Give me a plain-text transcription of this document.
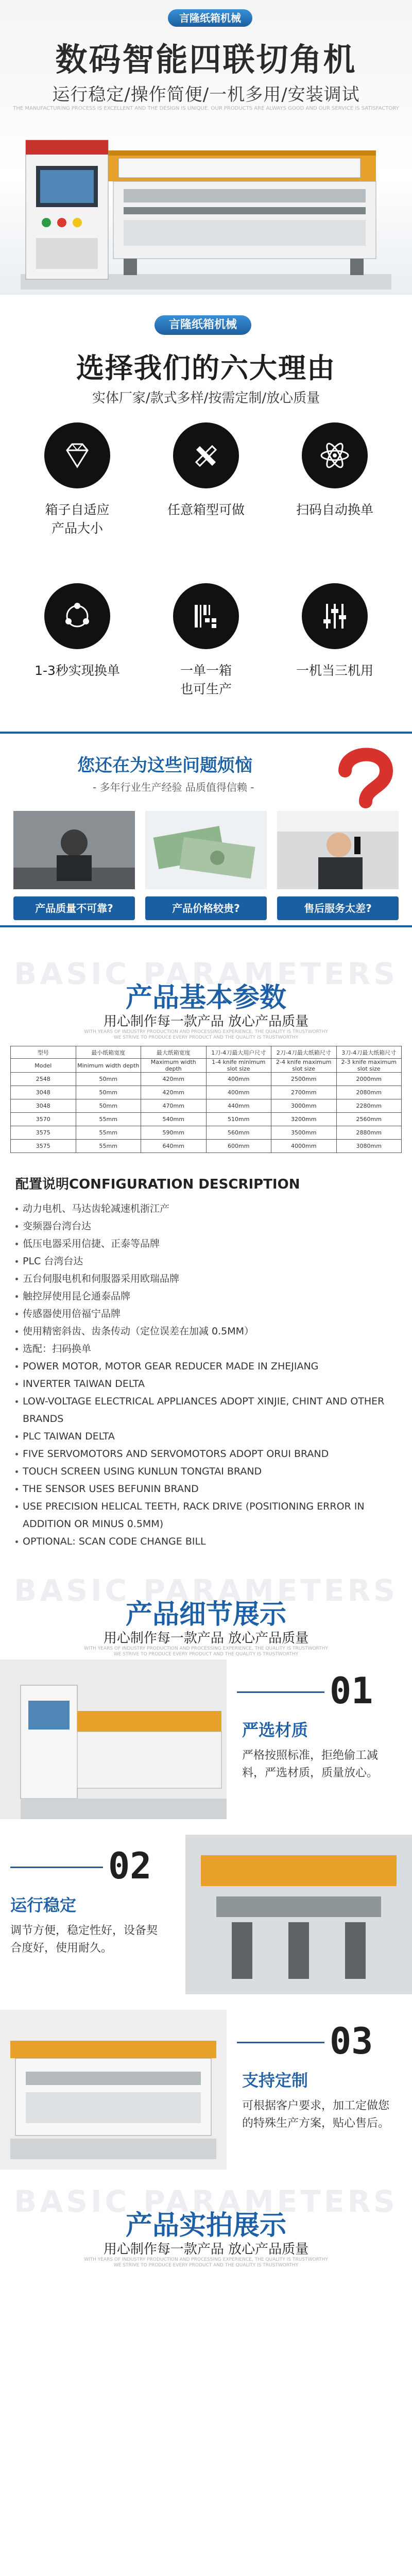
言隆纸箱机械
数码智能四联切角机
运行稳定/操作简便/一机多用/安装调试
THE MANUFACTURING PROCESS IS EXCELLENT AND THE DESIGN IS UNIQUE. OUR PRODUCTS ARE ALWAYS GOOD AND OUR SERVICE IS SATISFACTORY
言隆纸箱机械
选择我们的六大理由
实体厂家/款式多样/按需定制/放心质量
箱子自适应
产品大小
任意箱型可做	扫码自动换单
1-3秒实现换单	一单一箱
也可生产
一机当三机用
您还在为这些问题烦恼
- 多年行业生产经验 品质值得信赖 -
产品质量不可靠?	产品价格较贵?	售后服务太差?
BASIC PARAMETERS
产品基本参数
用心制作每一款产品 放心产品质量
WITH YEARS OF INDUSTRY PRODUCTION AND PROCESSING EXPERIENCE, THE QUALITY IS TRUSTWORTHY
WE STRIVE TO PRODUCE EVERY PRODUCT AND THE QUALITY IS TRUSTWORTHY
型号	最小纸箱宽度	最大纸箱宽度	1刀-4刀最大用户尺寸	2刀-4刀最大纸箱尺寸	3刀-4刀最大纸箱尺寸
Model	Minimum width depth	Maximum width depth	1-4 knife minimum slot size	2-4 knife maximum slot size	2-3 knife maximum slot size
2548	50mm	420mm	400mm	2500mm	2000mm
3048	50mm	420mm	400mm	2700mm	2080mm
3048	50mm	470mm	440mm	3000mm	2280mm
3570	55mm	540mm	510mm	3200mm	2560mm
3575	55mm	590mm	560mm	3500mm	2880mm
3575	55mm	640mm	600mm	4000mm	3080mm
配置说明CONFIGURATION DESCRIPTION
动力电机、马达齿轮减速机浙江产
变频器台湾台达
低压电器采用信捷、正泰等品牌
PLC 台湾台达
五台伺服电机和伺服器采用欧瑞品牌
触控屏使用昆仑通泰品牌
传感器使用倍福宁品牌
使用精密斜齿、齿条传动（定位误差在加减 0.5MM）
选配：扫码换单
POWER MOTOR, MOTOR GEAR REDUCER MADE IN ZHEJIANG
INVERTER TAIWAN DELTA
LOW-VOLTAGE ELECTRICAL APPLIANCES ADOPT XINJIE, CHINT AND OTHER BRANDS
PLC TAIWAN DELTA
FIVE SERVOMOTORS AND SERVOMOTORS ADOPT ORUI BRAND
TOUCH SCREEN USING KUNLUN TONGTAI BRAND
THE SENSOR USES BEFUNIN BRAND
USE PRECISION HELICAL TEETH, RACK DRIVE (POSITIONING ERROR IN ADDITION OR MINUS 0.5MM)
OPTIONAL: SCAN CODE CHANGE BILL
BASIC PARAMETERS
产品细节展示
用心制作每一款产品 放心产品质量
WITH YEARS OF INDUSTRY PRODUCTION AND PROCESSING EXPERIENCE, THE QUALITY IS TRUSTWORTHY
WE STRIVE TO PRODUCE EVERY PRODUCT AND THE QUALITY IS TRUSTWORTHY
01
严选材质
严格按照标准，拒绝偷工减料，严选材质，质量放心。
02
运行稳定
调节方便，稳定性好，设备契合度好，使用耐久。
03
支持定制
可根据客户要求，加工定做您的特殊生产方案，贴心售后。
BASIC PARAMETERS
产品实拍展示
用心制作每一款产品 放心产品质量
WITH YEARS OF INDUSTRY PRODUCTION AND PROCESSING EXPERIENCE, THE QUALITY IS TRUSTWORTHY
WE STRIVE TO PRODUCE EVERY PRODUCT AND THE QUALITY IS TRUSTWORTHY
